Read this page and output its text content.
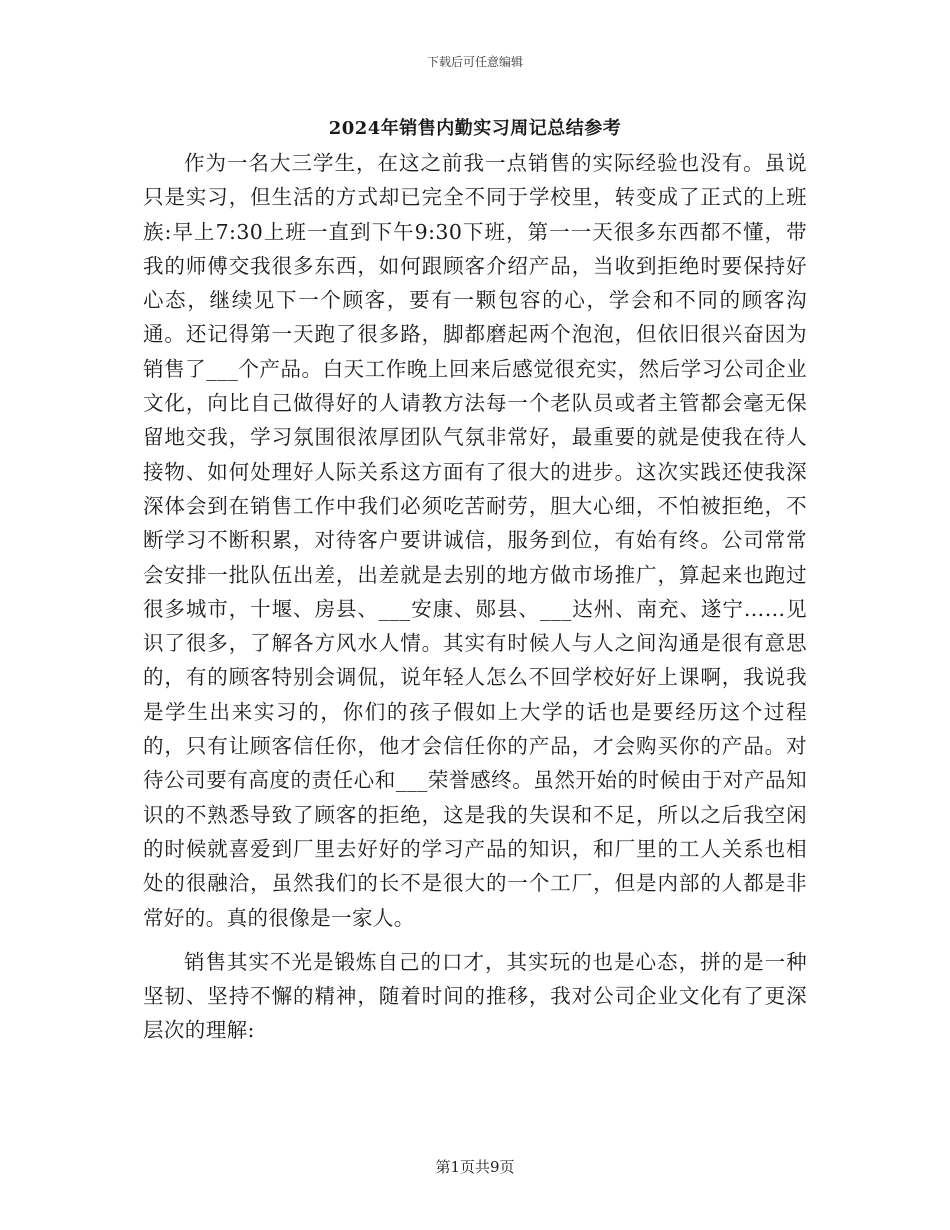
下载后可任意编辑
2024年销售内勤实习周记总结参考

作为一名大三学生，在这之前我一点销售的实际经验也没有。虽说只是实习，但生活的方式却已完全不同于学校里，转变成了正式的上班族:早上7:30上班一直到下午9:30下班，第一一天很多东西都不懂，带我的师傅交我很多东西，如何跟顾客介绍产品，当收到拒绝时要保持好心态，继续见下一个顾客，要有一颗包容的心，学会和不同的顾客沟通。还记得第一天跑了很多路，脚都磨起两个泡泡，但依旧很兴奋因为销售了___个产品。白天工作晚上回来后感觉很充实，然后学习公司企业文化，向比自己做得好的人请教方法每一个老队员或者主管都会毫无保留地交我，学习氛围很浓厚团队气氛非常好，最重要的就是使我在待人接物、如何处理好人际关系这方面有了很大的进步。这次实践还使我深深体会到在销售工作中我们必须吃苦耐劳，胆大心细，不怕被拒绝，不断学习不断积累，对待客户要讲诚信，服务到位，有始有终。公司常常会安排一批队伍出差，出差就是去别的地方做市场推广，算起来也跑过很多城市，十堰、房县、___安康、郧县、___达州、南充、遂宁……见识了很多，了解各方风水人情。其实有时候人与人之间沟通是很有意思的，有的顾客特别会调侃，说年轻人怎么不回学校好好上课啊，我说我是学生出来实习的，你们的孩子假如上大学的话也是要经历这个过程的，只有让顾客信任你，他才会信任你的产品，才会购买你的产品。对待公司要有高度的责任心和___荣誉感终。虽然开始的时候由于对产品知识的不熟悉导致了顾客的拒绝，这是我的失误和不足，所以之后我空闲的时候就喜爱到厂里去好好的学习产品的知识，和厂里的工人关系也相处的很融洽，虽然我们的长不是很大的一个工厂，但是内部的人都是非常好的。真的很像是一家人。

销售其实不光是锻炼自己的口才，其实玩的也是心态，拼的是一种坚韧、坚持不懈的精神，随着时间的推移，我对公司企业文化有了更深层次的理解:

第1页共9页
